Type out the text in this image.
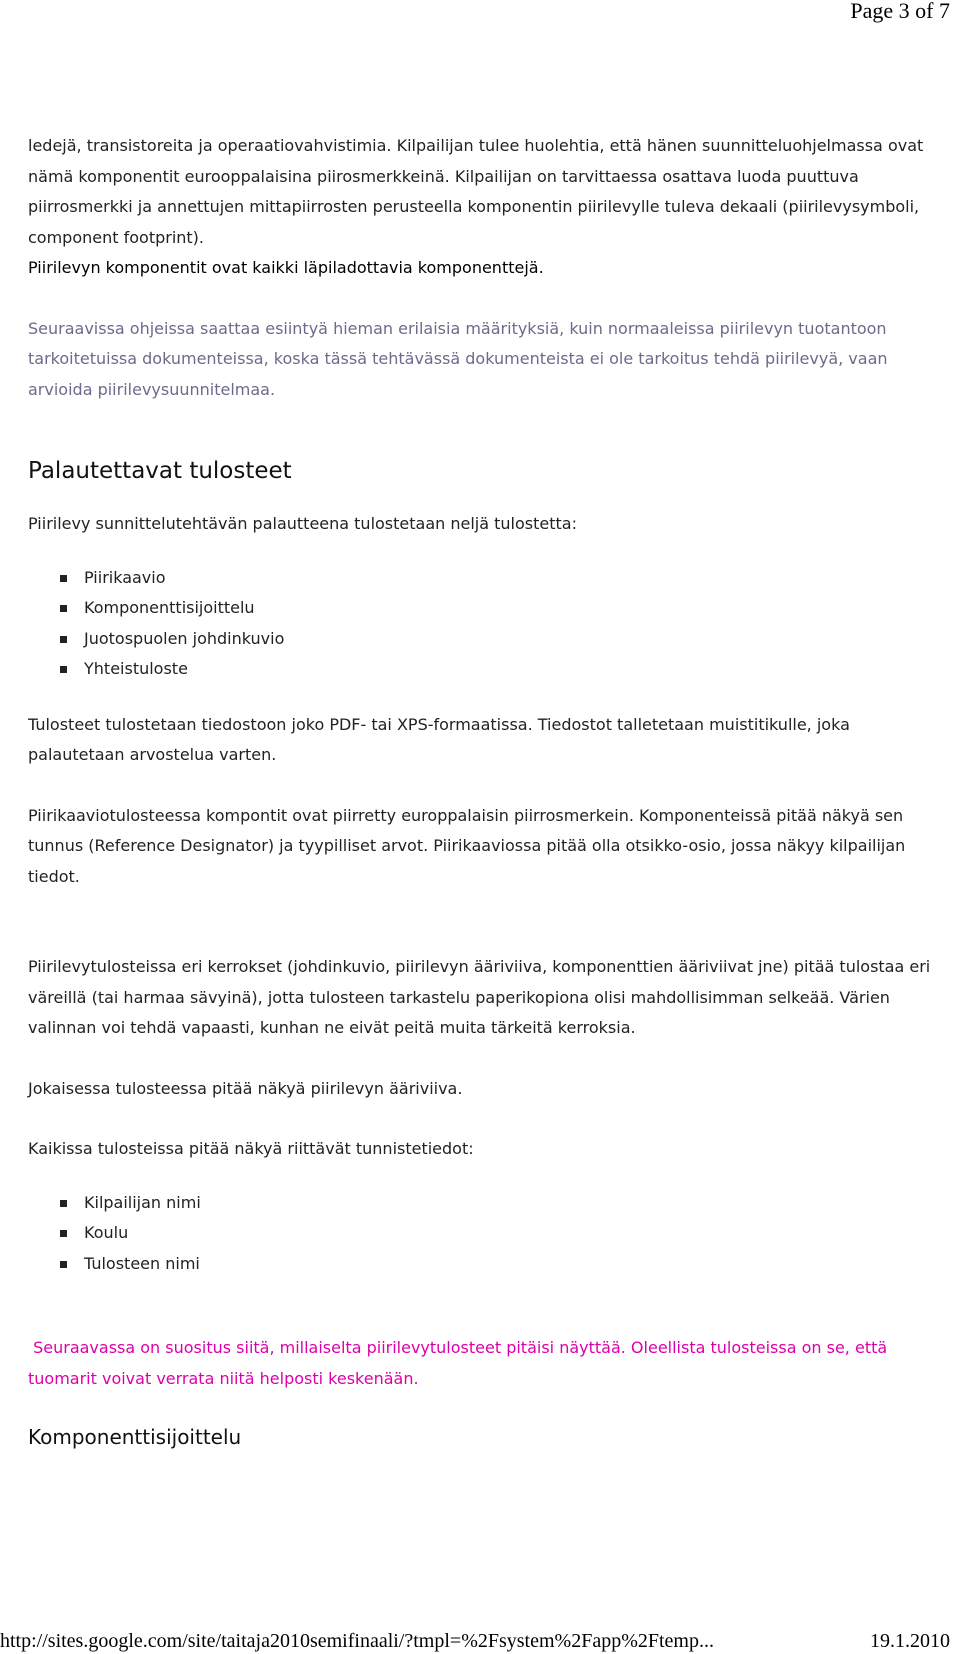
Page 3 of 7

ledejä, transistoreita ja operaatiovahvistimia. Kilpailijan tulee huolehtia, että hänen suunnitteluohjelmassa ovat nämä komponentit eurooppalaisina piirosmerkkeinä. Kilpailijan on tarvittaessa osattava luoda puuttuva piirrosmerkki ja annettujen mittapiirrosten perusteella komponentin piirilevylle tuleva dekaali (piirilevysymboli, component footprint).

Piirilevyn komponentit ovat kaikki läpiladottavia komponenttejä.

Seuraavissa ohjeissa saattaa esiintyä hieman erilaisia määrityksiä, kuin normaaleissa piirilevyn tuotantoon tarkoitetuissa dokumenteissa, koska tässä tehtävässä dokumenteista ei ole tarkoitus tehdä piirilevyä, vaan arvioida piirilevysuunnitelmaa.

Palautettavat tulosteet

Piirilevy sunnittelutehtävän palautteena tulostetaan neljä tulostetta:

Piirikaavio
Komponenttisijoittelu
Juotospuolen johdinkuvio
Yhteistuloste

Tulosteet tulostetaan tiedostoon joko PDF- tai XPS-formaatissa. Tiedostot talletetaan muistitikulle, joka palautetaan arvostelua varten.

Piirikaaviotulosteessa kompontit ovat piirretty europpalaisin piirrosmerkein. Komponenteissä pitää näkyä sen tunnus (Reference Designator) ja tyypilliset arvot. Piirikaaviossa pitää olla otsikko-osio, jossa näkyy kilpailijan tiedot.

Piirilevytulosteissa eri kerrokset (johdinkuvio, piirilevyn ääriviiva, komponenttien ääriviivat jne) pitää tulostaa eri väreillä (tai harmaa sävyinä), jotta tulosteen tarkastelu paperikopiona olisi mahdollisimman selkeää. Värien valinnan voi tehdä vapaasti, kunhan ne eivät peitä muita tärkeitä kerroksia.

Jokaisessa tulosteessa pitää näkyä piirilevyn ääriviiva.

Kaikissa tulosteissa pitää näkyä riittävät tunnistetiedot:

Kilpailijan nimi
Koulu
Tulosteen nimi

Seuraavassa on suositus siitä, millaiselta piirilevytulosteet pitäisi näyttää. Oleellista tulosteissa on se, että tuomarit voivat verrata niitä helposti keskenään.

Komponenttisijoittelu
http://sites.google.com/site/taitaja2010semifinaali/?tmpl=%2Fsystem%2Fapp%2Ftemp...	19.1.2010
